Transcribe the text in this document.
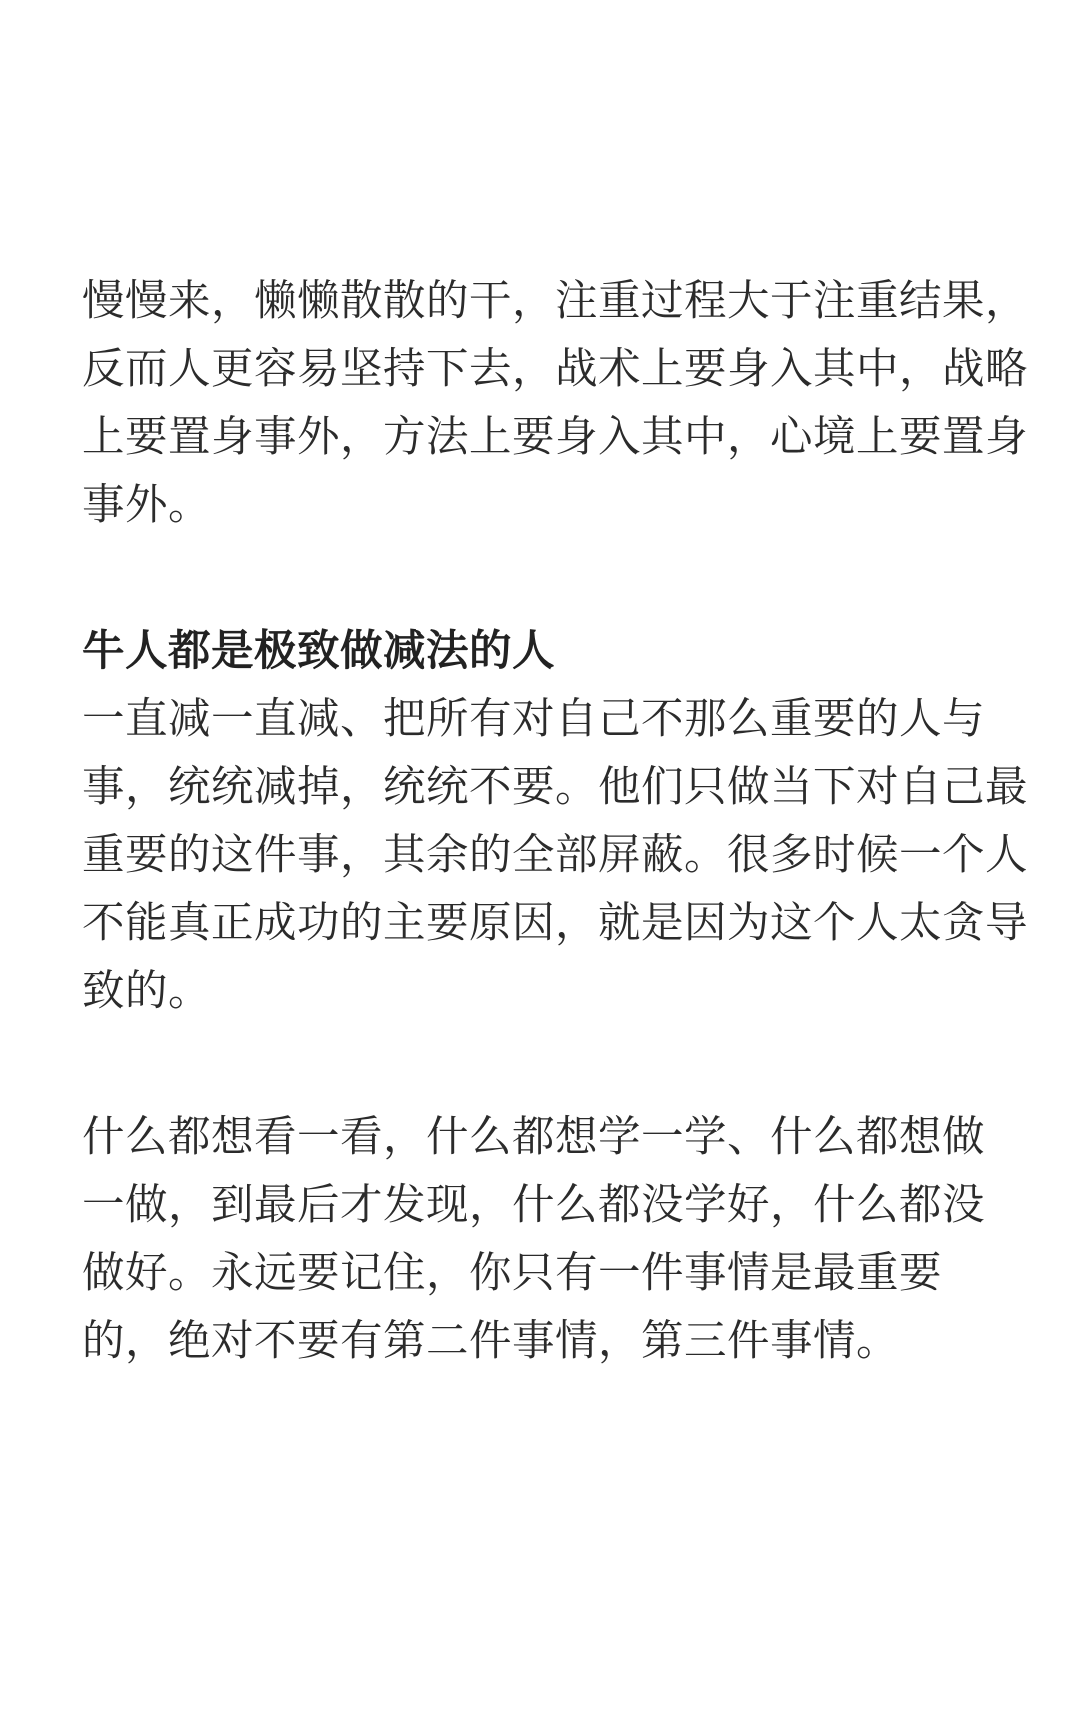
慢慢来，懒懒散散的干，注重过程大于注重结果，反而人更容易坚持下去，战术上要身入其中，战略上要置身事外，方法上要身入其中，心境上要置身事外。

牛人都是极致做减法的人

一直减一直减、把所有对自己不那么重要的人与事，统统减掉，统统不要。他们只做当下对自己最重要的这件事，其余的全部屏蔽。很多时候一个人不能真正成功的主要原因，就是因为这个人太贪导致的。

什么都想看一看，什么都想学一学、什么都想做一做，到最后才发现，什么都没学好，什么都没做好。永远要记住，你只有一件事情是最重要的，绝对不要有第二件事情，第三件事情。
